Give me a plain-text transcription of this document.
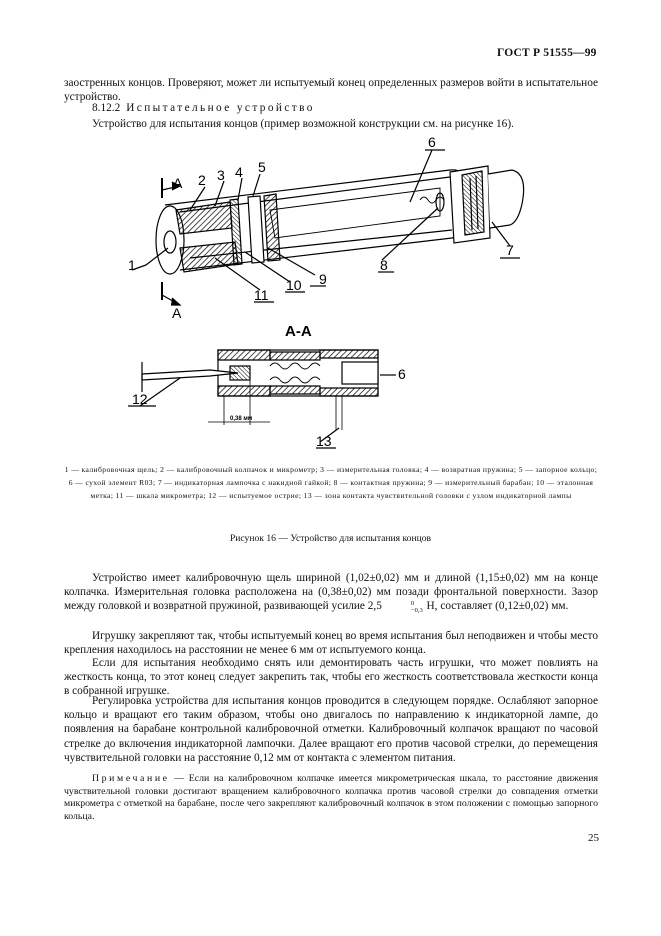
ГОСТ Р 51555—99
заостренных концов. Проверяют, может ли испытуемый конец определенных размеров войти в испытательное устройство.
8.12.2 Испытательное устройство
Устройство для испытания концов (пример возможной конструкции см. на рисунке 16).
1
2 3 4 5
6
7
8
9
10
11
A
A
А-А
0,38 мм
6
12
13
1 — калибровочная щель; 2 — калибровочный колпачок и микрометр; 3 — измерительная головка; 4 — возвратная пружина; 5 — запорное кольцо; 6 — сухой элемент R03; 7 — индикаторная лампочка с накидной гайкой; 8 — контактная пружина; 9 — измерительный барабан; 10 — эталонная метка; 11 — шкала микрометра; 12 — испытуемое острие; 13 — зона контакта чувствительной головки с узлом индикаторной лампы
Рисунок 16 — Устройство для испытания концов
Устройство имеет калибровочную щель шириной (1,02±0,02) мм и длиной (1,15±0,02) мм на конце колпачка. Измерительная головка расположена на (0,38±0,02) мм позади фронтальной поверхности. Зазор между головкой и возвратной пружиной, развивающей усилие 2,5	0
−0,3 Н, составляет (0,12±0,02) мм.
Игрушку закрепляют так, чтобы испытуемый конец во время испытания был неподвижен и чтобы место крепления находилось на расстоянии не менее 6 мм от испытуемого конца.
Если для испытания необходимо снять или демонтировать часть игрушки, что может повлиять на жесткость конца, то этот конец следует закрепить так, чтобы его жесткость соответствовала жесткости конца в собранной игрушке.
Регулировка устройства для испытания концов проводится в следующем порядке. Ослабляют запорное кольцо и вращают его таким образом, чтобы оно двигалось по направлению к индикаторной лампе, до появления на барабане контрольной калибровочной отметки. Калибровочный колпачок вращают по часовой стрелке до включения индикаторной лампочки. Далее вращают его против часовой стрелки, до перемещения чувствительной головки на расстояние 0,12 мм от контакта с элементом питания.
Примечание — Если на калибровочном колпачке имеется микрометрическая шкала, то расстояние движения чувствительной головки достигают вращением калибровочного колпачка против часовой стрелки до совпадения отметки микрометра с отметкой на барабане, после чего закрепляют калибровочный колпачок в этом положении с помощью запорного кольца.
25
